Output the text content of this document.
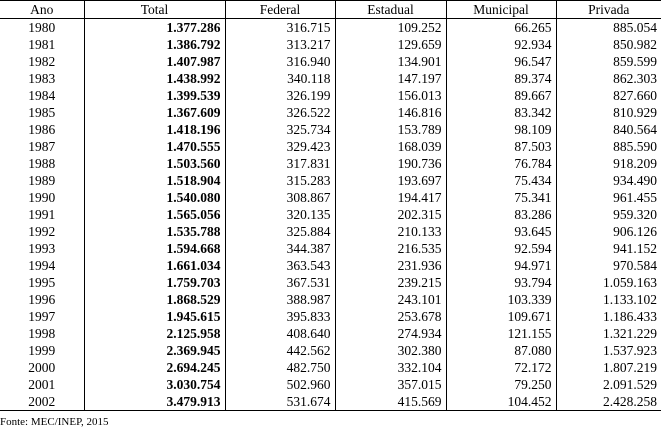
Ano	Total	Federal	Estadual	Municipal	Privada
1980	1.377.286	316.715	109.252	66.265	885.054
1981	1.386.792	313.217	129.659	92.934	850.982
1982	1.407.987	316.940	134.901	96.547	859.599
1983	1.438.992	340.118	147.197	89.374	862.303
1984	1.399.539	326.199	156.013	89.667	827.660
1985	1.367.609	326.522	146.816	83.342	810.929
1986	1.418.196	325.734	153.789	98.109	840.564
1987	1.470.555	329.423	168.039	87.503	885.590
1988	1.503.560	317.831	190.736	76.784	918.209
1989	1.518.904	315.283	193.697	75.434	934.490
1990	1.540.080	308.867	194.417	75.341	961.455
1991	1.565.056	320.135	202.315	83.286	959.320
1992	1.535.788	325.884	210.133	93.645	906.126
1993	1.594.668	344.387	216.535	92.594	941.152
1994	1.661.034	363.543	231.936	94.971	970.584
1995	1.759.703	367.531	239.215	93.794	1.059.163
1996	1.868.529	388.987	243.101	103.339	1.133.102
1997	1.945.615	395.833	253.678	109.671	1.186.433
1998	2.125.958	408.640	274.934	121.155	1.321.229
1999	2.369.945	442.562	302.380	87.080	1.537.923
2000	2.694.245	482.750	332.104	72.172	1.807.219
2001	3.030.754	502.960	357.015	79.250	2.091.529
2002	3.479.913	531.674	415.569	104.452	2.428.258
Fonte: MEC/INEP, 2015
